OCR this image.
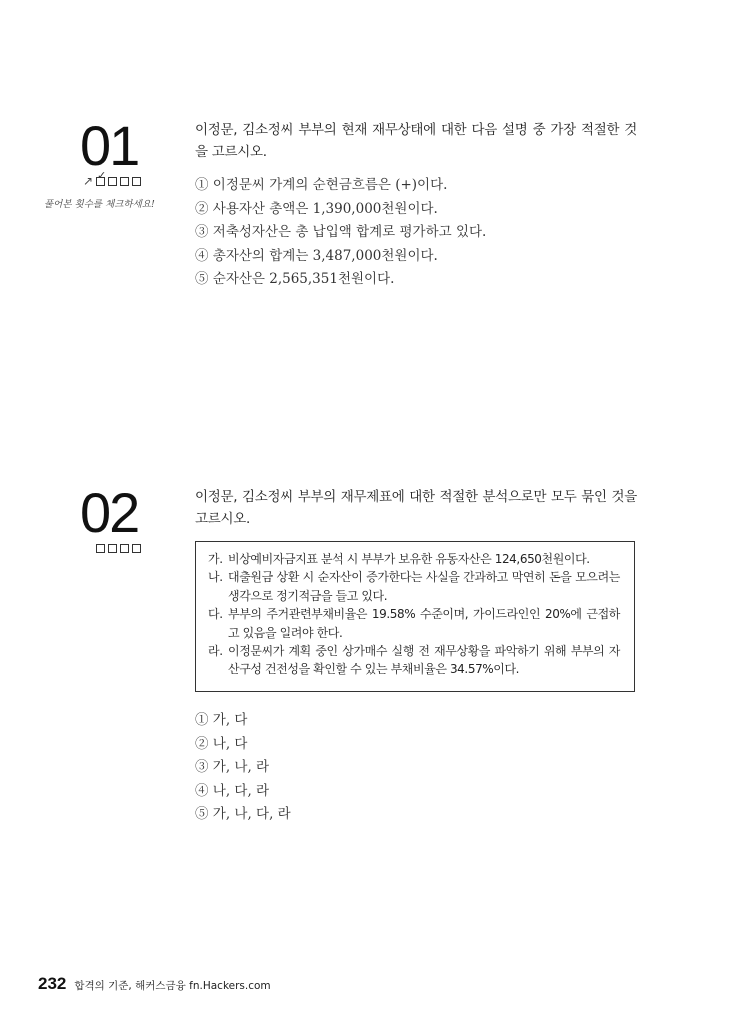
01
↗
✓
풀어본 횟수를 체크하세요!
이정문, 김소정씨 부부의 현재 재무상태에 대한 다음 설명 중 가장 적절한 것을 고르시오.
① 이정문씨 가계의 순현금흐름은 (+)이다.
② 사용자산 총액은 1,390,000천원이다.
③ 저축성자산은 총 납입액 합계로 평가하고 있다.
④ 총자산의 합계는 3,487,000천원이다.
⑤ 순자산은 2,565,351천원이다.
02	이정문, 김소정씨 부부의 재무제표에 대한 적절한 분석으로만 모두 묶인 것을 고르시오.
가. 비상예비자금지표 분석 시 부부가 보유한 유동자산은 124,650천원이다.
나. 대출원금 상환 시 순자산이 증가한다는 사실을 간과하고 막연히 돈을 모으려는 생각으로 정기적금을 들고 있다.
다. 부부의 주거관련부채비율은 19.58% 수준이며, 가이드라인인 20%에 근접하고 있음을 일려야 한다.
라. 이정문씨가 계획 중인 상가매수 실행 전 재무상황을 파악하기 위해 부부의 자산구성 건전성을 확인할 수 있는 부채비율은 34.57%이다.
① 가, 다
② 나, 다
③ 가, 나, 라
④ 나, 다, 라
⑤ 가, 나, 다, 라
232 합격의 기준, 해커스금융 fn.Hackers.com
